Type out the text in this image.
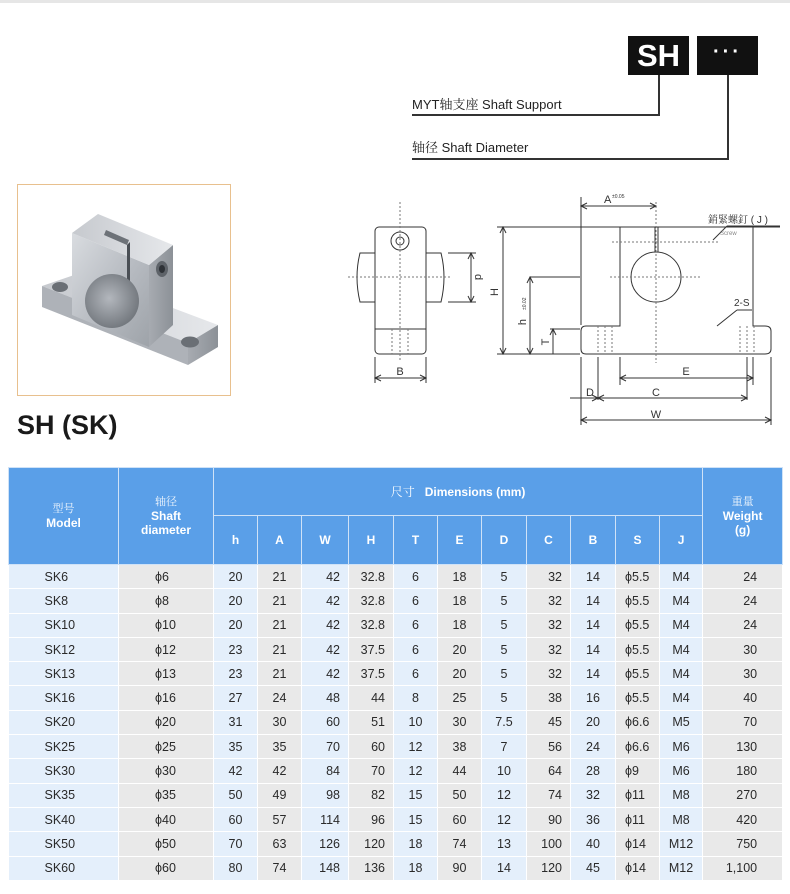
SH ···
MYT轴支座 Shaft Support
轴径 Shaft Diameter
SH (SK)
d
B
H
h
±0.02
T
A ±0.05
E
C
D
W
銷緊螺釘 ( J )
Screw
2-S
型号
Model	轴径
Shaft
diameter	尺寸 Dimensions (mm)											重量
Weight
(g)

		h	A	W	H	T	E	D	C	B	S	J	
SK6	ϕ6	20	21	42	32.8	6	18	5	32	14	ϕ5.5	M4	24
SK8	ϕ8	20	21	42	32.8	6	18	5	32	14	ϕ5.5	M4	24
SK10	ϕ10	20	21	42	32.8	6	18	5	32	14	ϕ5.5	M4	24
SK12	ϕ12	23	21	42	37.5	6	20	5	32	14	ϕ5.5	M4	30
SK13	ϕ13	23	21	42	37.5	6	20	5	32	14	ϕ5.5	M4	30
SK16	ϕ16	27	24	48	44	8	25	5	38	16	ϕ5.5	M4	40
SK20	ϕ20	31	30	60	51	10	30	7.5	45	20	ϕ6.6	M5	70
SK25	ϕ25	35	35	70	60	12	38	7	56	24	ϕ6.6	M6	130
SK30	ϕ30	42	42	84	70	12	44	10	64	28	ϕ9	M6	180
SK35	ϕ35	50	49	98	82	15	50	12	74	32	ϕ11	M8	270
SK40	ϕ40	60	57	114	96	15	60	12	90	36	ϕ11	M8	420
SK50	ϕ50	70	63	126	120	18	74	13	100	40	ϕ14	M12	750
SK60	ϕ60	80	74	148	136	18	90	14	120	45	ϕ14	M12	1,100
